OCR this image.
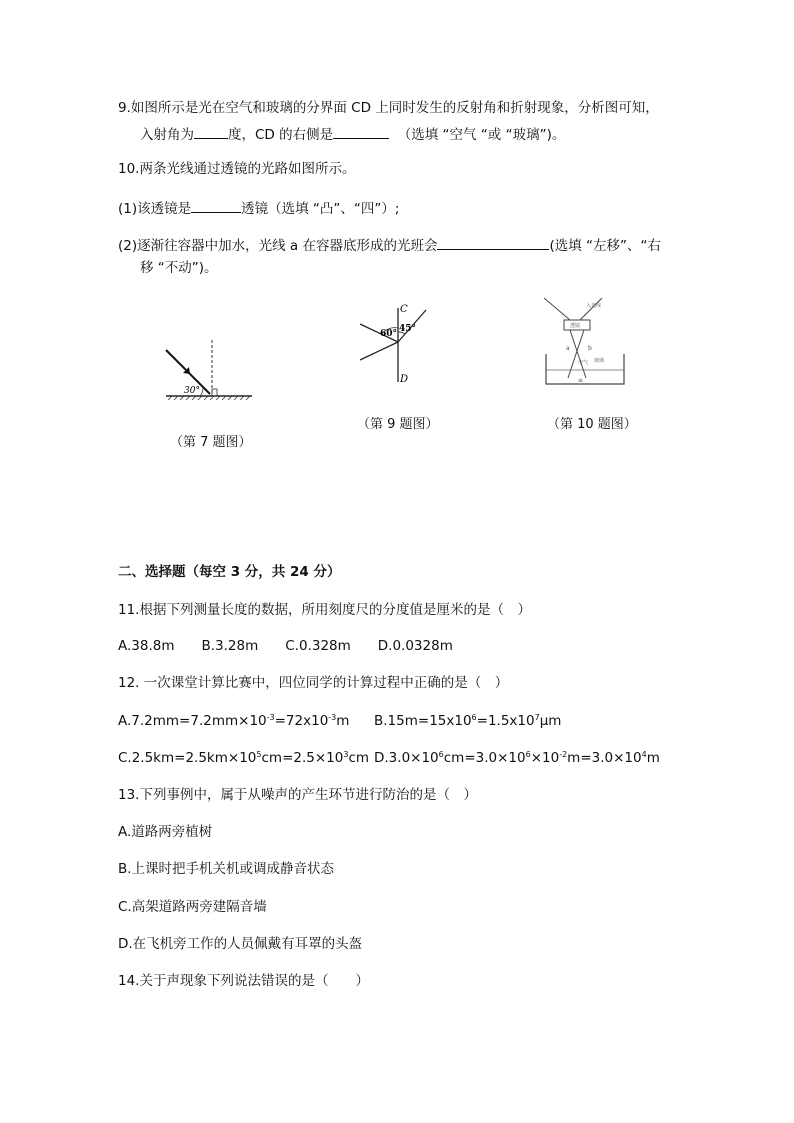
9.如图所示是光在空气和玻璃的分界面 CD 上同时发生的反射角和折射现象，分析图可知，
入射角为	度，CD 的右侧是	（选填 “空气 “或 “玻璃”)。
10.两条光线通过透镜的光路如图所示。
(1)该透镜是	透镜（选填 “凸”、“四”）;
(2)逐渐往容器中加水，光线 a 在容器底形成的光班会	(选填 “左移”、“右
移 “不动”)。
30°
（第 7 题图）
C
D
60° 45°
（第 9 题图）
入光线
透镜
a	b
玻璃
空气
≡
（第 10 题图）
二、选择题（每空 3 分，共 24 分）
11.根据下列测量长度的数据，所用刻度尺的分度值是厘米的是（　）
A.38.8m　　B.3.28m　　C.0.328m　　D.0.0328m
12. 一次课堂计算比赛中，四位同学的计算过程中正确的是（　）
$A.7.2mm=7.2mm\times 10^{-3}=72x10^{-3}m$ $B.15m=15x10^6=1.5x10^7\mu m$
$C.2.5km=2.5km\times 10^5cm=2.5\times 10^3cm$ $D.3.0\times 10^6cm=3.0\times 10^6\times 10^{-2}m=3.0\times 10^4m$
13.下列事例中，属于从噪声的产生环节进行防治的是（　）
A.道路两旁植树
B.上课时把手机关机或调成静音状态
C.高架道路两旁建隔音墙
D.在飞机旁工作的人员佩戴有耳罩的头盔
14.关于声现象下列说法错误的是（　　）
